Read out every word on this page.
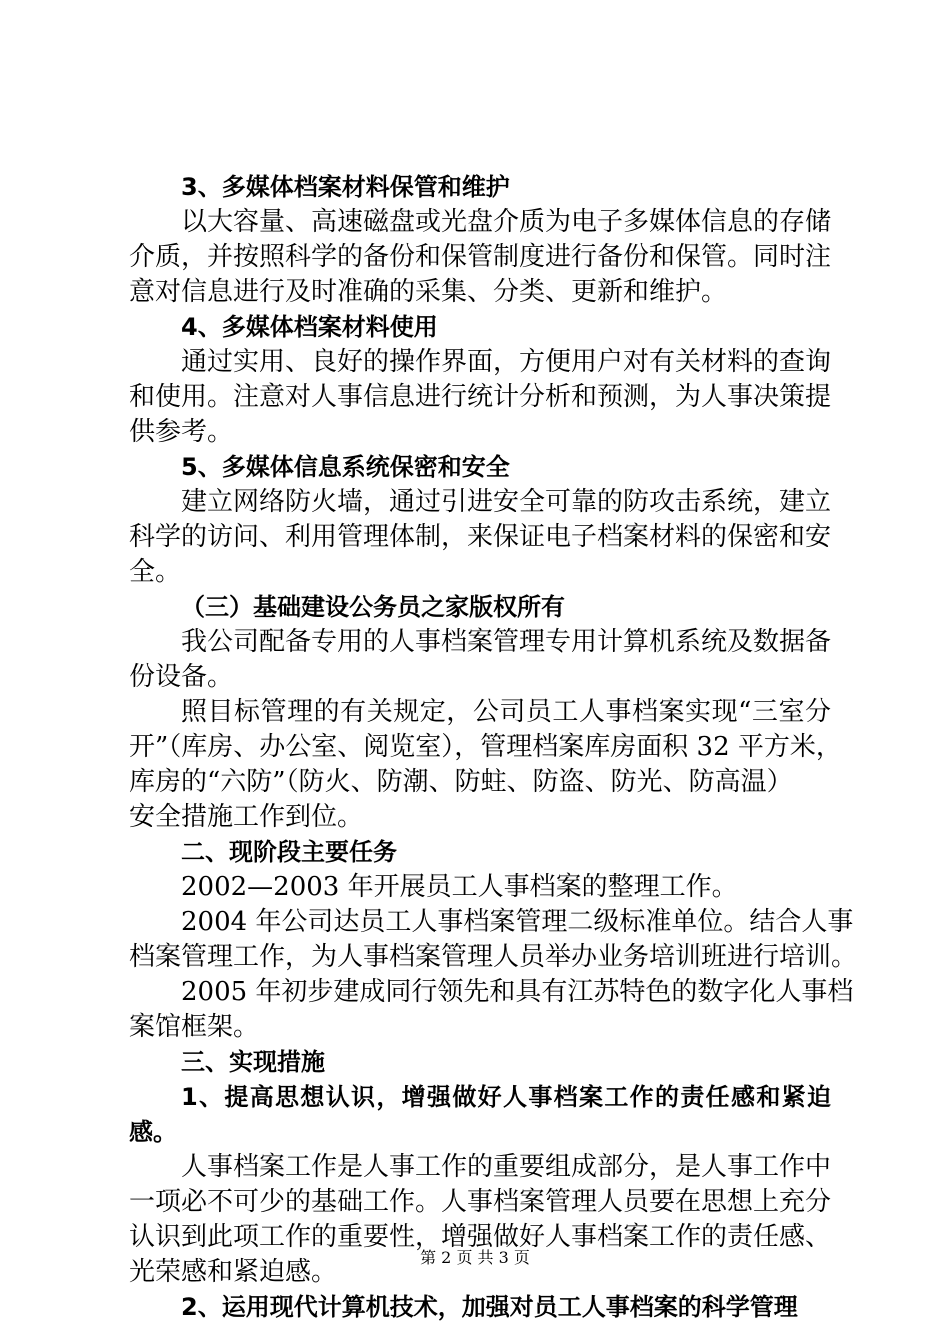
3、多媒体档案材料保管和维护

以大容量、高速磁盘或光盘介质为电子多媒体信息的存储

介质，并按照科学的备份和保管制度进行备份和保管。同时注

意对信息进行及时准确的采集、分类、更新和维护。

4、多媒体档案材料使用

通过实用、良好的操作界面，方便用户对有关材料的查询

和使用。注意对人事信息进行统计分析和预测，为人事决策提

供参考。

5、多媒体信息系统保密和安全

建立网络防火墙，通过引进安全可靠的防攻击系统，建立

科学的访问、利用管理体制，来保证电子档案材料的保密和安

全。

（三）基础建设公务员之家版权所有

我公司配备专用的人事档案管理专用计算机系统及数据备

份设备。

照目标管理的有关规定，公司员工人事档案实现“三室分

开”（库房、办公室、阅览室），管理档案库房面积 32 平方米，

库房的“六防”（防火、防潮、防蛀、防盗、防光、防高温）

安全措施工作到位。

二、现阶段主要任务

2002—2003 年开展员工人事档案的整理工作。

2004 年公司达员工人事档案管理二级标准单位。结合人事

档案管理工作，为人事档案管理人员举办业务培训班进行培训。

2005 年初步建成同行领先和具有江苏特色的数字化人事档

案馆框架。

三、实现措施

1、提高思想认识，增强做好人事档案工作的责任感和紧迫

感。

人事档案工作是人事工作的重要组成部分，是人事工作中

一项必不可少的基础工作。人事档案管理人员要在思想上充分

认识到此项工作的重要性，增强做好人事档案工作的责任感、

光荣感和紧迫感。

2、运用现代计算机技术，加强对员工人事档案的科学管理

第 2 页 共 3 页
